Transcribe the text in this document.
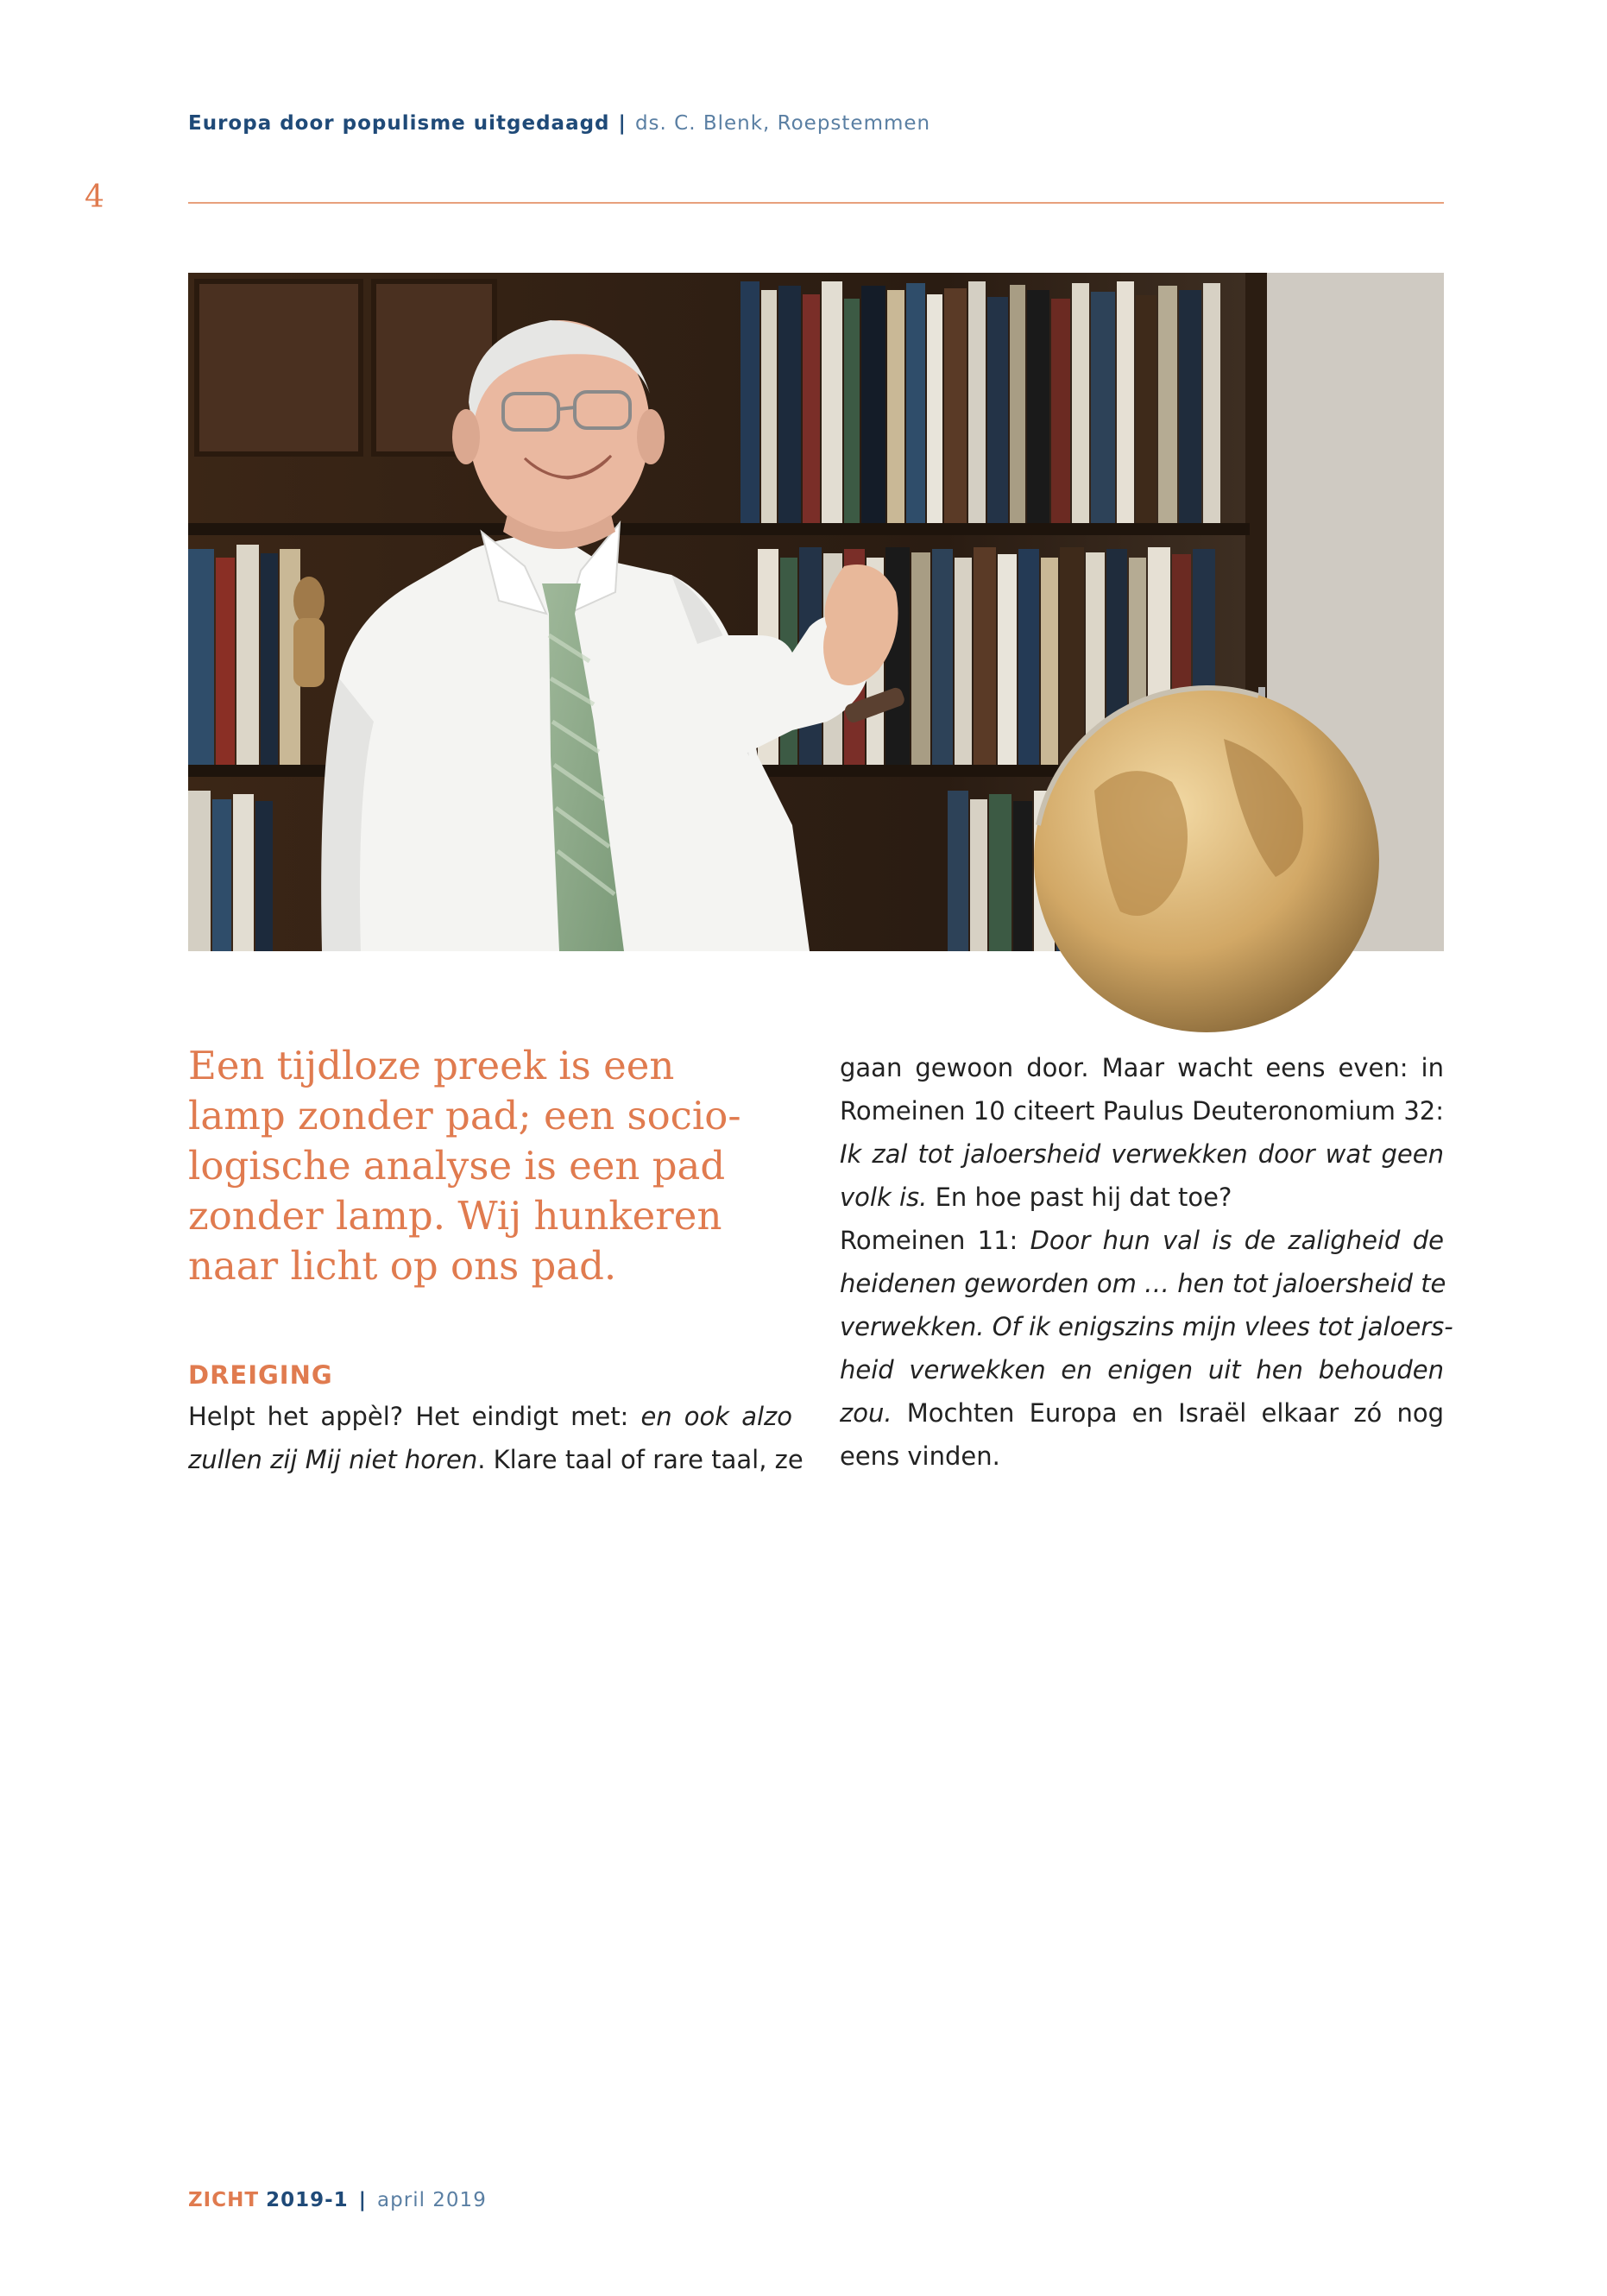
Europa door populisme uitgedaagd | ds. C. Blenk, Roepstemmen
4
Beeld: Reformatorisch Dagblad
Een tijdloze preek is een
lamp zonder pad; een socio-
logische analyse is een pad
zonder lamp. Wij hunkeren
naar licht op ons pad.
DREIGING
Helpt het appèl? Het eindigt met: en ook alzo
zullen zij Mij niet horen. Klare taal of rare taal, ze
gaan gewoon door. Maar wacht eens even: in
Romeinen 10 citeert Paulus Deuteronomium 32:
Ik zal tot jaloersheid verwekken door wat geen
volk is. En hoe past hij dat toe?
Romeinen 11: Door hun val is de zaligheid de
heidenen geworden om … hen tot jaloersheid te
verwekken. Of ik enigszins mijn vlees tot jaloers-
heid verwekken en enigen uit hen behouden
zou. Mochten Europa en Israël elkaar zó nog
eens vinden.
ZICHT 2019-1 | april 2019
